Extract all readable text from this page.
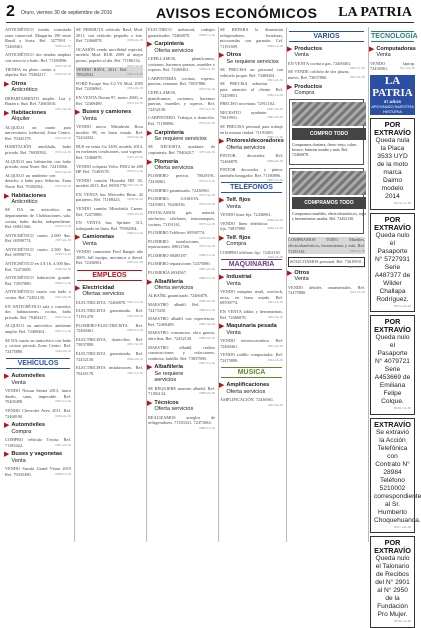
2 Oruro, viernes 30 de septiembre de 2016	AVISOS ECONÓMICOS LA PATRIA
ANTICRÉTICO tienda, transitada zona comercial. Margarita 190 entre Brasil y Soria. Ref. 5277091 - 72469461.	0928-1A-30
ANTICRÉTICO dos tiendas amplias con servicio y baño. Ref. 71180896.
0929-3A-30
TIENDA en pleno centro a alquilar. Ref. 79404217.	0930-2A-30
▶ Otros
Anticrético
DEPARTAMENTO amplio. Luz y Bazán z. Sud. Ref. 72663010.
0931-4A-30
▶ Habitaciones
Alquiler
ALQUILO un cuarto para universitario (señorita) Zona Centro. Ref. 70445178.	0932-2A-30
HABITACIÓN amoblada, baño privado. Ref. 76928392.	0933-1A-30
ALQUILO una habitación con baño privado, zona Norte. Ref. 72413866.
0934-3A-30
ALQUILO un ambiente con derecho a baño para Señorita. Zona Norte. Ref. 79392504.	0935-2A-30
▶ Habitaciones
Anticrético
SE DA en anticrético un departamento de 3 habitaciones, sala, cocina, baño, ducha, independiente. Ref. 69611566.	0936-1A-30
ANTICRÉTICO cuarto 2.000 $us. Ref. 69590774.	0937-2A-30
ANTICRÉTICO cuarto 2.500 $us. Ref. 69590774.	0938-1A-30
ANTICRÉTICO en 4 $ 16, 4.500 $us. Ref. 72472009.	0939-3A-30
ANTICRÉTICO habitación grande. Ref. 73837880.	0940-1A-30
ANTICRÉTICO cuarto con baño y cocina. Ref. 72452130.	0941-2A-30
EN ANTICRÉTICO sala y comedor, dos habitaciones, cocina, baño privado. Ref. 79404217.	0942-3A-30
ALQUILO en anticrético ambiente amplio. Ref. 72469461.	0943-1A-30
SE DA cuarto en anticrético con baño y cocina privado Zona Centro. Ref. 72475880.	0944-2A-30
VEHÍCULOS
▶ Automóviles
Venta
VENDO Nissan Sentra 2013, único dueño, sano, impecable. Ref. 70405498.	0945-1A-30
VENDO Chevrolet Aveo 2011. Ref. 72468190.	0946-2A-30
▶ Automóviles
Compra
COMPRO vehículo Toyota. Ref. 71183422.	0947-2A-30
▶ Buses y vagonetas
Venta
VENDO Suzuki Grand Vitara 2010 Ref. 79435490.	0948-1A-30
SE PERMUTA vehículo Rav4 Mod. 2011, con vehículo pequeño o lote. Ref. 72466878.	0949-2A-30
OCASIÓN vendo movilidad especial, modelo Mod. RUK 2009 al mejor postor, papeles al día. Ref. 71186134.
0950-3A-30
VENDO RAV4, 2011. Ref. 70924541.	0951-1A-30
FORD Escape Sea 3.0 V6 Mod. 2005 Ref. 72436961.	0952-2A-30
EN VENTA Nissan 97, motor 2000, a. Ref. 72469489.	0953-1A-30
▶ Buses y camiones
Venta
VENDO micro Mitsubishi Rosa modelo 98, en buen estado. Ref. 72434432.	0954-3A-30
BUS en venta Go 3300, modelo 2014, en exelentes condiciones, soat vigente. Ref. 72466878.	0955-2A-30
VENDO volqueta Volvo FM12 de 400 HP. Ref. 72465578.	0956-1A-30
VENDO camión Hyundai HD 65, modelo 2013. Ref. 69591770. 0957-2A-30
EN VENTA bus Mercedes Benz, 42 pasajeros. Ref. 71188423. 0958-3A-30
VENDO camión Mitsubishi Canter. Ref. 72475880.	0959-2A-30
EN VENTA bus Sprinter 313, trabajando en línea. Ref. 79392504.
0960-1A-30
▶ Camionetas
Venta
VENDO camioneta Ford Ranger año 2009, full equipo, mecánica a diesel. Ref. 72436961.	0961-2A-30
EMPLEOS
▶ Electricidad
Ofertas servicios
ELECTRICISTA. 72466878. 0962-1A-30
ELECTRICISTA garantizado. Ref. 71191478.	0963-2A-30
PLOMERO-ELECTRICISTA. Ref. 72469461.	0964-1A-30
ELECTRICISTA, domicilios. Ref. 73837880.	0965-3A-30
ELECTRICISTA garantizado. Ref. 72452130.	0966-2A-30
ELECTRICISTA instalaciones. Ref. 70445178.	0967-1A-30
ELECTRICO industrial, trabajos garantizados. 72466878.	0968-1A-30
▶ Carpintería
Oferta servicios
CEPILLAMOS, planificamos, cortamos, hacemos puertas, muebles y roperos. Ref. 72469461.	0969-2A-30
CARPINTERÍA cocinas, roperos, puertas, ventanas. Ref. 73837880.
0970-3A-30
CEPILLAMOS, planificamos, cortamos, hacemos puertas, muebles y roperos. Ref. 72452130.	0971-1A-30
CARPINTERO. Trabajos a domicilio. Ref. 71180896.	0972-2A-30
▶ Carpintería
Se requiere servicios
SE NECESITA ayudante de carpintería. Ref. 79404217. 0973-2A-30
▶ Plomería
Oferta servicios
PLOMERO precios. 70628191, 72436961.	0974-1A-30
PLOMERO garantizado. 72436961.
0975-3A-30
PLOMERO, GASISTA. 72459851, 76436536.	0976-2A-30
INSTALAMOS gas natural, artefactos, calefones, termotanques, cocinas. 71191161.	0977-1A-30
PLOMERO Teléfono: 69590774.
0978-2A-30
PLOMERO instalaciones, reparaciones. 69611566.	0979-3A-30
PLOMERO 68485187.	0980-1A-30
PLOMERO reparaciones 72475880.
0981-2A-30
PLOMERÍA 6934567.
0982-1A-30
▶ Albañilería
Oferta servicios
ALBAÑIL garantizado. 72466878.
0983-2A-30
MAESTRO albañil. Ref. 72473350.	0984-1A-30
MAESTRO albañil con experiencia. Ref. 72469489.	0985-3A-30
MAESTRO constructor, obra gruesa, obra fina. Ref. 72452130. 0986-2A-30
MAESTRO albañil, realizo construcciones y refacciones, cerámica, ladrillo. Ref. 73837880.
0987-1A-30
▶ Albañilería
Se requiere servicios
SE REQUIERE maestro albañil. Ref. 71186134.	0988-2A-30
▶ Técnicos
Oferta servicios
REALIZAMOS arreglos de refrigeradores. 71183331, 72471684.
0989-1A-30
SE REPARA la dimensión refrigeradores, lavadoras, microondas con garantía. Cel. 71191609.	0990-1A-30
▶ Otros
Se requiere servicios
SE PRECISA un personal con vehículo propio. Ref. 72469461.
0991-2A-30
SE PRECISA señoritas para atención al cliente. Ref. 72459851.	0992-1A-30
PRECISO secretaria. 72911102.
0993-3A-30
NECESITO ayudante. 73619931.	0994-2A-30
SE PRECISA personal para trabajo en la misma ciudad. 71191609.
0995-1A-30
▶ Pintores/decoradores
Oferta servicios
PINTOR, decorador. Ref. 72466878.	0996-2A-30
PINTOR decorador y pintor, también fumigador. Ref. 71180896.
0997-1A-30
TELÉFONOS
▶ Telf. fijos
Venta
VENDO línea fija. 72436961.
0998-2A-30
VENDO línea telefónica fija. 73837880.	0999-1A-30
▶ Telf. fijos
Compra
COMPRO teléfono fijo. 72452130.
1000-2A-30
MAQUINARIA
▶ Industrial
Venta
VENDO máquina textil, overlock, recta, en buen estado. Ref. 69590774.	1001-1A-30
EN VENTA tablas y herramientas. Ref. 72466878.	1002-3A-30
▶ Maquinaria pesada
Venta
VENDO retroexcavadora. Ref. 72469461.	1003-2A-30
VENDO rodillo compactador. Ref. 72475880.	1004-1A-30
MÚSICA
▶ Amplificaciones
Oferta servicios
AMPLIFICACIÓN. 72436961.
1005-2A-30
VARIOS
▶ Productos
Venta
EN VENTA cocina a gas. 72469461.
1006-1A-30
SE VENDE colchón de dos plazas, nuevo. Ref. 73837880.	1007-2A-30
▶ Productos
Compra
COMPRO TODO
Compramos chatarra, fierro viejo, cobre, bronce, baterías usadas y más. Ref. 72466878.
COMPRAMOS TODO
Compramos muebles, electrodomésticos, ropa y herramientas usadas. Ref. 72452130.
COMPRAMOS TODO. Muebles, electrodomésticos, herramientas y más. Ref. 71191161.	1008-1A-30
SOLICITAMOS personal. Ref. 73619931.
1009-2A-30
▶ Otros
Venta
VENDO árboles ornamentales. Ref. 72475880.	1010-1A-30
TECNOLOGÍA
▶ Computadoras
Venta
VENDO laptop. 72436961.	1011-2A-30
LA PATRIA
97 AÑOS
APOYANDO NUESTRA HISTORIA
POR EXTRAVÍO
Queda nula la Placa 3533 UYD de la moto marca Daimo modelo 2014
0914-1A-30
POR EXTRAVÍO
Queda nulo el Pasaporte N° 5727931 Serie A487377 de Wilder Challapa Rodríguez.
0915-2A-30
POR EXTRAVÍO
Queda nulo el Pasaporte N° 4079721 Serie A453669 de Emiliana Felipe Colque.
0916-1A-30
EXTRAVÍO
Se extravió la Acción Telefónica con Contrato N° 28984 Teléfono 5210002 correspondiente al Sr. Humberto Choquehuanca.
0917-2A-30
POR EXTRAVÍO
Queda nulo el Talonario de Recibos del N° 2901 al N° 2950 de la Fundación Pro Mujer.
0918-1A-30
